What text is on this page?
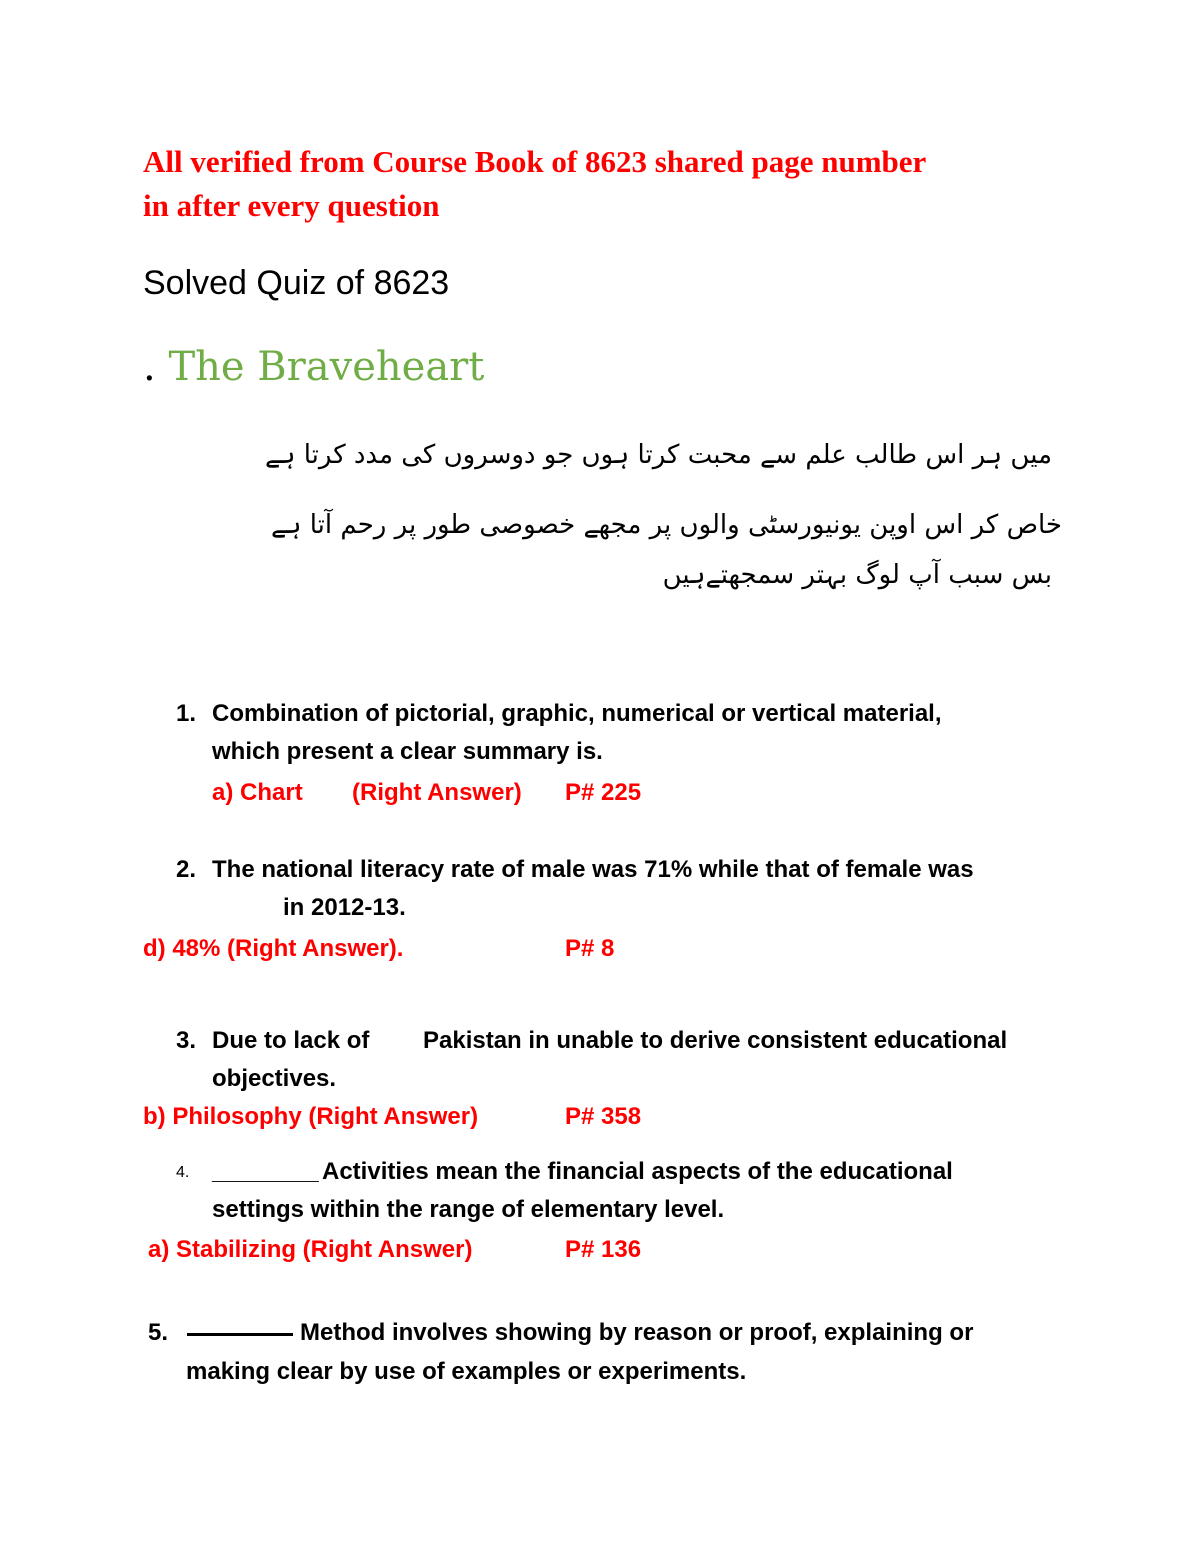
All verified from Course Book of 8623 shared page number
in after every question
Solved Quiz of 8623
. The Braveheart
میں ہر اس طالب علم سے محبت کرتا ہوں جو دوسروں کی مدد کرتا ہے
خاص کر اس اوپن یونیورسٹی والوں پر مجھے خصوصی طور پر رحم آتا ہے
بس سبب آپ لوگ بہتر سمجھتےہیں
1. Combination of pictorial, graphic, numerical or vertical material,
which present a clear summary is.
a) Chart (Right Answer) P# 225
2. The national literacy rate of male was 71% while that of female was
in 2012-13.
d) 48% (Right Answer).	P# 8
3. Due to lack of Pakistan in unable to derive consistent educational
objectives.
b) Philosophy (Right Answer)	P# 358
4. ________ Activities mean the financial aspects of the educational
settings within the range of elementary level.
a) Stabilizing (Right Answer)	P# 136
5.	Method involves showing by reason or proof, explaining or
making clear by use of examples or experiments.
